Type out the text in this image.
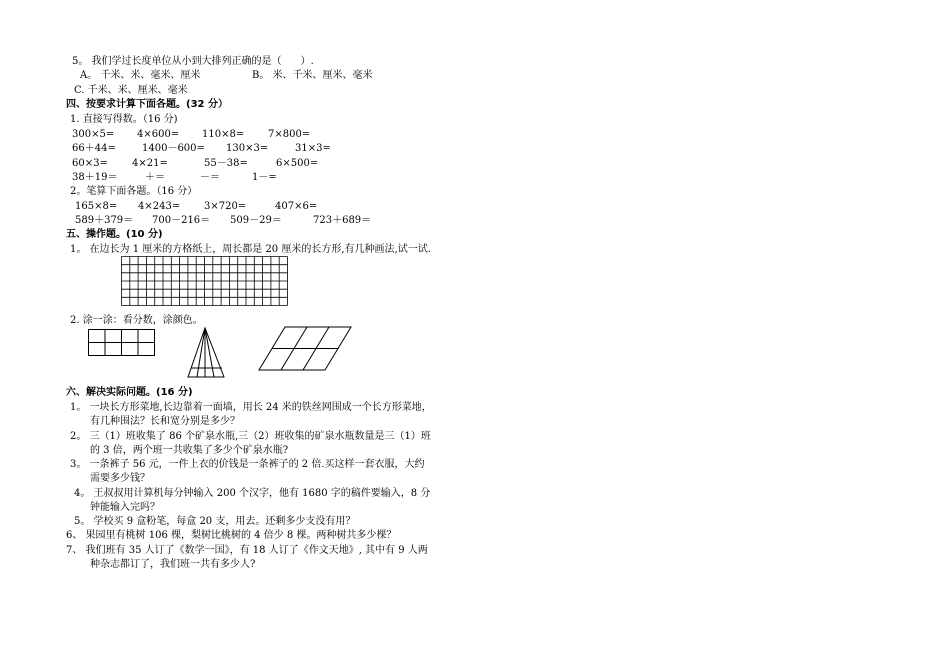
5。 我们学过长度单位从小到大排列正确的是（      ）.
A。 千米、米、毫米、厘米	B。 米、千米、厘米、毫米
C. 千米、米、厘米、毫米
四、按要求计算下面各题。(32 分）
1. 直接写得数。（16 分)
300×5= 4×600= 110×8= 7×800=
66＋44=	1400－600= 130×3=	31×3=
60×3= 4×21=	55－38=	6×500=
38＋19＝	＋＝	－＝	1－=
2。笔算下面各题。（16 分）
165×8= 4×243= 3×720=	407×6=
589＋379＝ 700－216＝ 509－29＝	723＋689＝
五、操作题。(10 分)
1。 在边长为 1 厘米的方格纸上，周长都是 20 厘米的长方形,有几种画法,试一试.
2. 涂一涂：看分数，涂颜色。
六、解决实际问题。(16 分)
1。 一块长方形菜地,长边靠着一面墙，用长 24 米的铁丝网围成一个长方形菜地，
有几种围法？长和宽分别是多少？
2。 三（1）班收集了 86 个矿泉水瓶,三（2）班收集的矿泉水瓶数量是三（1）班
的 3 倍，两个班一共收集了多少个矿泉水瓶?
3。 一条裤子 56 元，一件上衣的价钱是一条裤子的 2 倍.买这样一套衣服，大约
需要多少钱？
4。 王叔叔用计算机每分钟输入 200 个汉字，他有 1680 字的稿件要输入，8 分
钟能输入完吗？
5。 学校买 9 盒粉笔，每盒 20 支，用去。还剩多少支没有用？
6、 果园里有桃树 106 棵，梨树比桃树的 4 倍少 8 棵。两种树共多少棵？
7、 我们班有 35 人订了《数学一国》，有 18 人订了《作文天地》, 其中有 9 人两
种杂志都订了，我们班一共有多少人?
